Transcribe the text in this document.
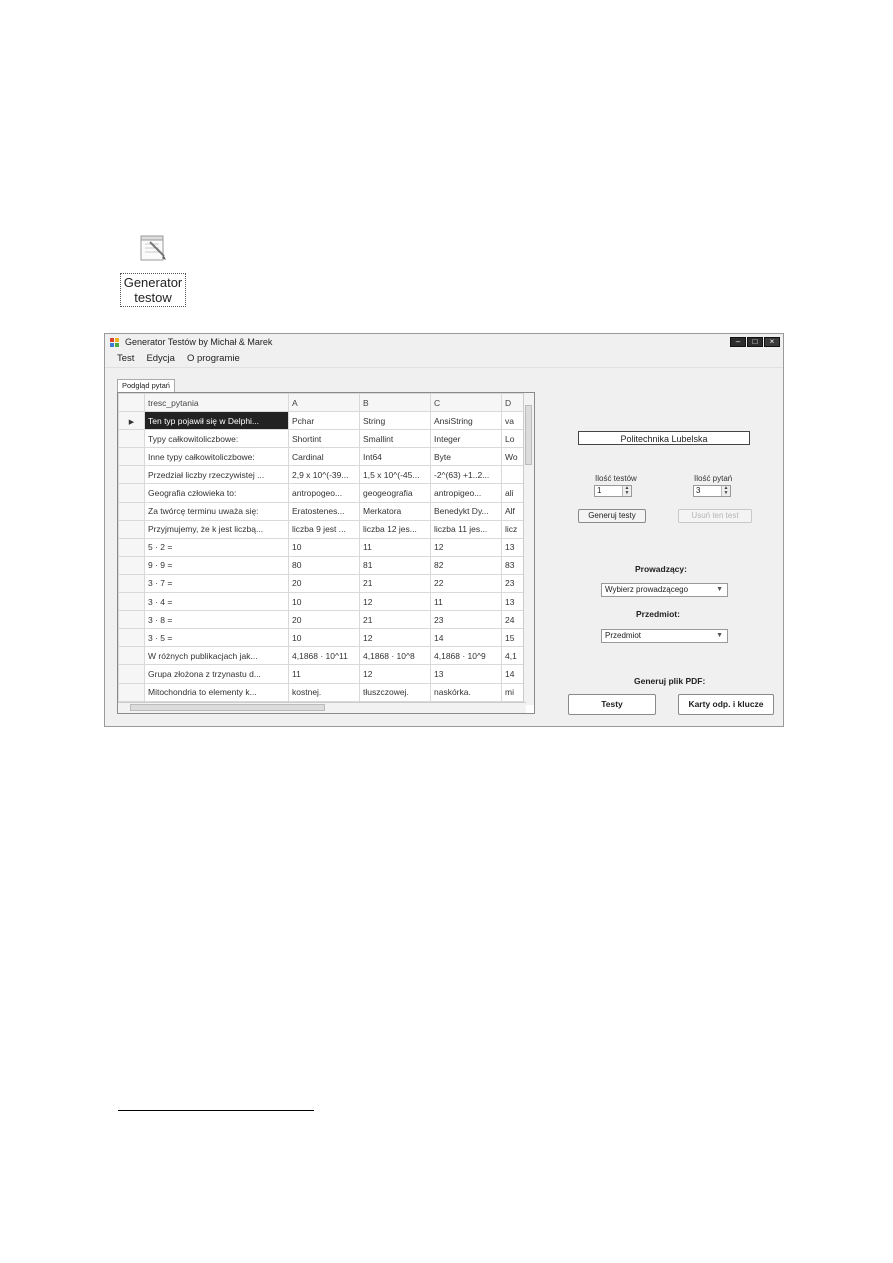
Generator
testow
Generator Testów by Michał & Marek	–	□	×
Test Edycja O programie
Podgląd pytań
	tresc_pytania	A	B	C	D
▶	Ten typ pojawił się w Delphi...	Pchar	String	AnsiString	va
	Typy całkowitoliczbowe:	Shortint	Smallint	Integer	Lo
	Inne typy całkowitoliczbowe:	Cardinal	Int64	Byte	Wo
	Przedział liczby rzeczywistej ...	2,9 x 10^(-39...	1,5 x 10^(-45...	-2^(63) +1..2...	
	Geografia człowieka to:	antropogeo...	geogeografia	antropigeo...	ali
	Za twórcę terminu uważa się:	Eratostenes...	Merkatora	Benedykt Dy...	Alf
	Przyjmujemy, że k jest liczbą...	liczba 9 jest ...	liczba 12 jes...	liczba 11 jes...	licz
	5 · 2 =	10	11	12	13
	9 · 9 =	80	81	82	83
	3 · 7 =	20	21	22	23
	3 · 4 =	10	12	11	13
	3 · 8 =	20	21	23	24
	3 · 5 =	10	12	14	15
	W różnych publikacjach jak...	4,1868 · 10^11	4,1868 · 10^8	4,1868 · 10^9	4,1
	Grupa złożona z trzynastu d...	11	12	13	14
	Mitochondria to elementy k...	kostnej.	tłuszczowej.	naskórka.	mi

Politechnika Lubelska
Ilość testów
1	▲
▼
Ilość pytań
3	▲
▼
Generuj testy	Usuń ten test
Prowadzący:
Wybierz prowadzącego	▼
Przedmiot:
Przedmiot	▼
Generuj plik PDF:
Testy	Karty odp. i klucze
